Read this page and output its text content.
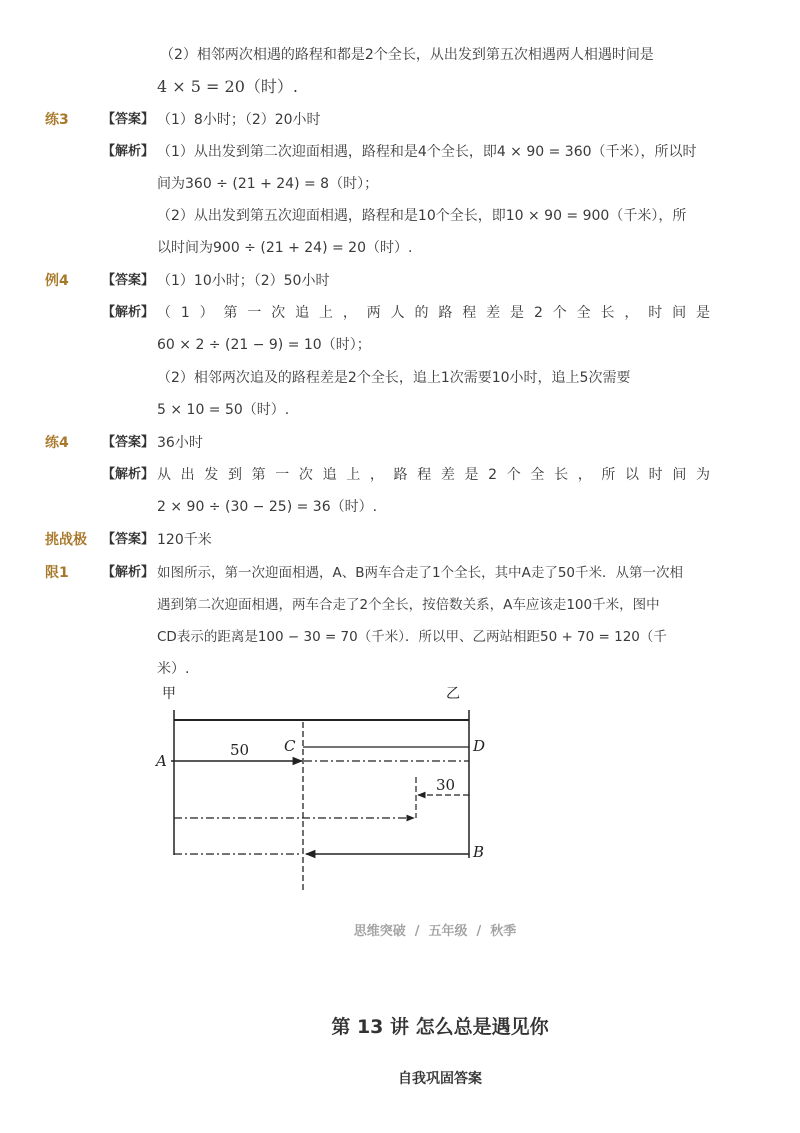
（2）相邻两次相遇的路程和都是2个全长，从出发到第五次相遇两人相遇时间是
4 × 5 = 20（时）.
练3	【答案】 （1）8小时；（2）20小时
【解析】 （1）从出发到第二次迎面相遇，路程和是4个全长，即4 × 90 = 360（千米），所以时
间为360 ÷ (21 + 24) = 8（时）；
（2）从出发到第五次迎面相遇，路程和是10个全长，即10 × 90 = 900（千米），所
以时间为900 ÷ (21 + 24) = 20（时）.
例4	【答案】 （1）10小时；（2）50小时
【解析】 （1）第一次追上，两人的路程差是2个全长，时间是
60 × 2 ÷ (21 − 9) = 10（时）；
（2）相邻两次追及的路程差是2个全长，追上1次需要10小时，追上5次需要
5 × 10 = 50（时）.
练4	【答案】 36小时
【解析】 从出发到第一次追上，路程差是2个全长，所以时间为
2 × 90 ÷ (30 − 25) = 36（时）.
挑战极
限1
【答案】 120千米
【解析】 如图所示，第一次迎面相遇，A、B两车合走了1个全长，其中A走了50千米．从第一次相
遇到第二次迎面相遇，两车合走了2个全长，按倍数关系，A车应该走100千米，图中
CD表示的距离是100 − 30 = 70（千米）．所以甲、乙两站相距50 + 70 = 120（千
米）.
甲	乙
A
B
C	D
50
30
思维突破 / 五年级 / 秋季
第 13 讲 怎么总是遇见你
自我巩固答案
